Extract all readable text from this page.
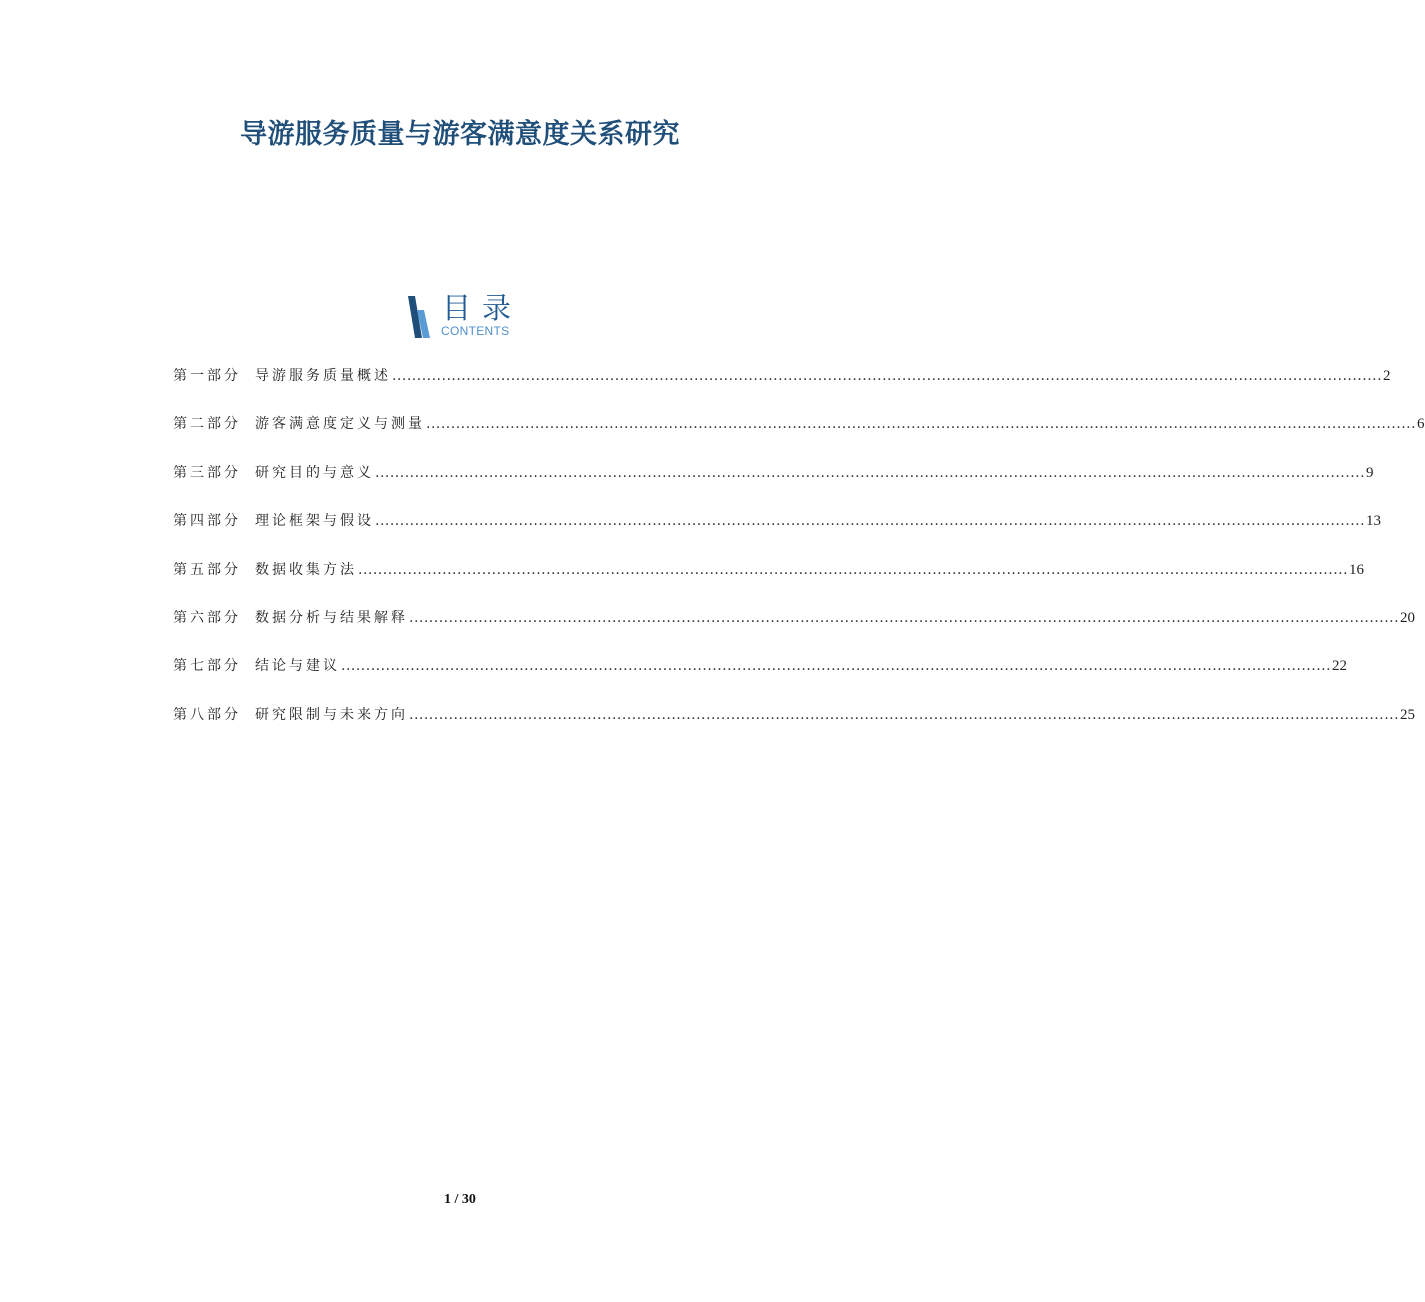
导游服务质量与游客满意度关系研究
目录
CONTENTS
第一部分	导游服务质量概述 ........................................................................................................................................................................................................ 2
第二部分	游客满意度定义与测量 ........................................................................................................................................................................................................ 6
第三部分	研究目的与意义 ........................................................................................................................................................................................................ 9
第四部分	理论框架与假设 ........................................................................................................................................................................................................ 13
第五部分	数据收集方法 ........................................................................................................................................................................................................ 16
第六部分	数据分析与结果解释 ........................................................................................................................................................................................................ 20
第七部分	结论与建议 ........................................................................................................................................................................................................ 22
第八部分	研究限制与未来方向 ........................................................................................................................................................................................................ 25
1 / 30
